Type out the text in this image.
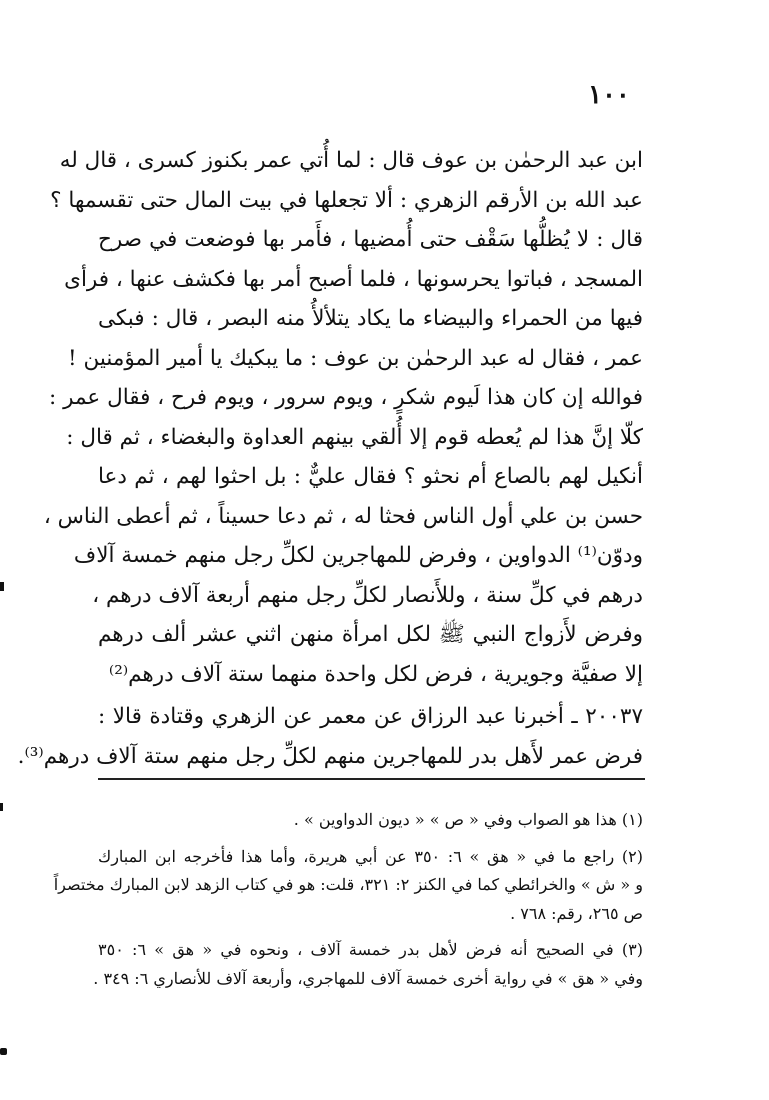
١٠٠
ابن عبد الرحمٰن بن عوف قال : لما أُتي عمر بكنوز كسرى ، قال له
عبد الله بن الأرقم الزهري : ألا تجعلها في بيت المال حتى تقسمها ؟
قال : لا يُظلُّها سَقْف حتى أُمضيها ، فأَمر بها فوضعت في صرح
المسجد ، فباتوا يحرسونها ، فلما أصبح أمر بها فكشف عنها ، فرأى
فيها من الحمراء والبيضاء ما يكاد يتلألأُ منه البصر ، قال : فبكى
عمر ، فقال له عبد الرحمٰن بن عوف : ما يبكيك يا أمير المؤمنين !
فوالله إن كان هذا لَيوم شكرٍ ، ويوم سرور ، ويوم فرح ، فقال عمر :
كلّا إنَّ هذا لم يُعطه قوم إلا أُلقي بينهم العداوة والبغضاء ، ثم قال :
أنكيل لهم بالصاع أم نحثو ؟ فقال عليٌّ : بل احثوا لهم ، ثم دعا
حسن بن علي أول الناس فحثا له ، ثم دعا حسيناً ، ثم أعطى الناس ،
ودوّن⁽¹⁾ الدواوين ، وفرض للمهاجرين لكلِّ رجل منهم خمسة آلاف
درهم في كلِّ سنة ، وللأَنصار لكلِّ رجل منهم أربعة آلاف درهم ،
وفرض لأَزواج النبي ﷺ لكل امرأة منهن اثني عشر ألف درهم
إلا صفيَّة وجويرية ، فرض لكل واحدة منهما ستة آلاف درهم⁽²⁾
٢٠٠٣٧ ـ أخبرنا عبد الرزاق عن معمر عن الزهري وقتادة قالا :
فرض عمر لأَهل بدر للمهاجرين منهم لكلِّ رجل منهم ستة آلاف درهم⁽³⁾.
(١) هذا هو الصواب وفي « ص » « ديون الدواوين » .
(٢) راجع ما في « هق » ٦: ٣٥٠ عن أبي هريرة، وأما هذا فأخرجه ابن المبارك
و « ش » والخرائطي كما في الكنز ٢: ٣٢١، قلت: هو في كتاب الزهد لابن المبارك مختصراً
ص ٢٦٥، رقم: ٧٦٨ .
(٣) في الصحيح أنه فرض لأهل بدر خمسة آلاف ، ونحوه في « هق » ٦: ٣٥٠
وفي « هق » في رواية أخرى خمسة آلاف للمهاجري، وأربعة آلاف للأنصاري ٦: ٣٤٩ .
